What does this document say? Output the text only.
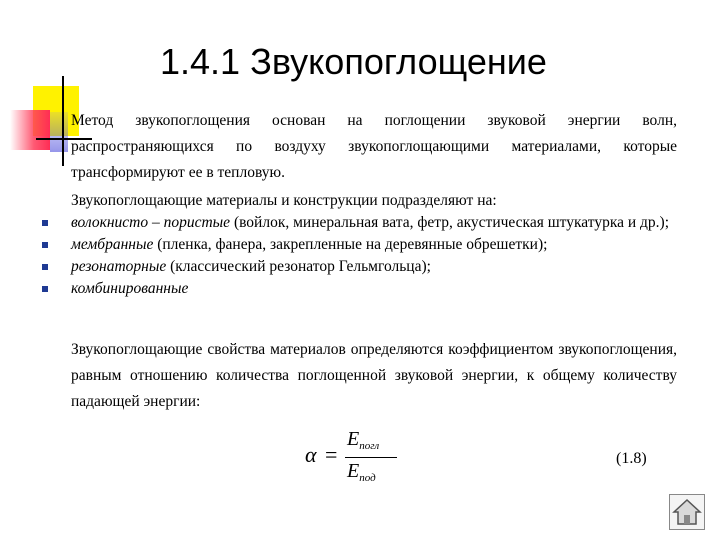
1.4.1 Звукопоглощение
Метод звукопоглощения основан на поглощении звуковой энергии волн, распространяющихся по воздуху звукопоглощающими материалами, которые трансформируют ее в тепловую.
Звукопоглощающие материалы и конструкции подразделяют на:
волокнисто – пористые (войлок, минеральная вата, фетр, акустическая штукатурка и др.);
мембранные (пленка, фанера, закрепленные на деревянные обрешетки);
резонаторные (классический резонатор Гельмгольца);
комбинированные
Звукопоглощающие свойства материалов определяются коэффициентом звукопоглощения, равным отношению количества поглощенной звуковой энергии, к общему количеству падающей энергии:
α =
$E_{погл}$
$E_{под}$
(1.8)
